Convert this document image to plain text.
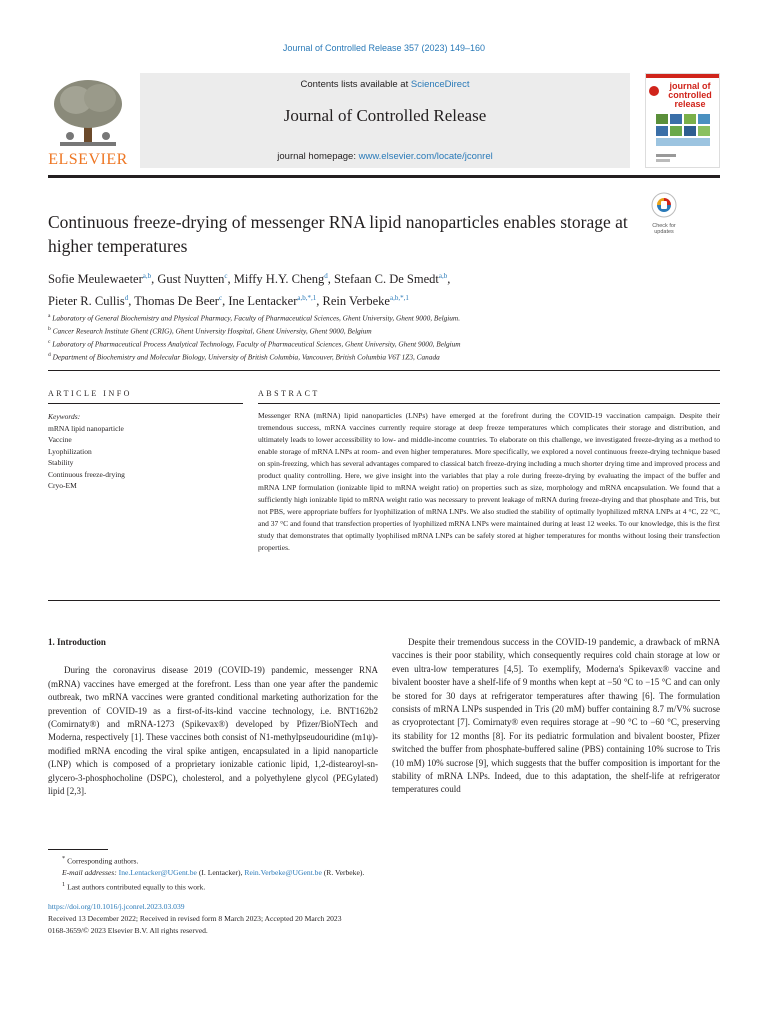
Journal of Controlled Release 357 (2023) 149–160
ELSEVIER
Contents lists available at ScienceDirect
Journal of Controlled Release
journal homepage: www.elsevier.com/locate/jconrel
journal of controlled release
Check for updates
Continuous freeze-drying of messenger RNA lipid nanoparticles enables storage at higher temperatures
Sofie Meulewaeter$^{a,b}$, Gust Nuytten$^c$, Miffy H.Y. Cheng$^d$, Stefaan C. De Smedt$^{a,b}$,
Pieter R. Cullis$^d$, Thomas De Beer$^c$, Ine Lentacker$^{a,b,*,1}$, Rein Verbeke$^{a,b,*,1}$
$^a$ Laboratory of General Biochemistry and Physical Pharmacy, Faculty of Pharmaceutical Sciences, Ghent University, Ghent 9000, Belgium.
$^b$ Cancer Research Institute Ghent (CRIG), Ghent University Hospital, Ghent University, Ghent 9000, Belgium
$^c$ Laboratory of Pharmaceutical Process Analytical Technology, Faculty of Pharmaceutical Sciences, Ghent University, Ghent 9000, Belgium
$^d$ Department of Biochemistry and Molecular Biology, University of British Columbia, Vancouver, British Columbia V6T 1Z3, Canada
ARTICLE INFO	ABSTRACT
Keywords:
mRNA lipid nanoparticle
Vaccine
Lyophilization
Stability
Continuous freeze-drying
Cryo-EM
Messenger RNA (mRNA) lipid nanoparticles (LNPs) have emerged at the forefront during the COVID-19 vaccination campaign. Despite their tremendous success, mRNA vaccines currently require storage at deep freeze temperatures which complicates their storage and distribution, and ultimately leads to lower accessibility to low- and middle-income countries. To elaborate on this challenge, we investigated freeze-drying as a method to enable storage of mRNA LNPs at room- and even higher temperatures. More specifically, we explored a novel continuous freeze-drying technique based on spin-freezing, which has several advantages compared to classical batch freeze-drying including a much shorter drying time and improved process and product quality controlling. Here, we give insight into the variables that play a role during freeze-drying by evaluating the impact of the buffer and mRNA LNP formulation (ionizable lipid to mRNA weight ratio) on properties such as size, morphology and mRNA encapsulation. We found that a sufficiently high ionizable lipid to mRNA weight ratio was necessary to prevent leakage of mRNA during freeze-drying and that phosphate and Tris, but not PBS, were appropriate buffers for lyophilization of mRNA LNPs. We also studied the stability of optimally lyophilized mRNA LNPs at 4 °C, 22 °C, and 37 °C and found that transfection properties of lyophilized mRNA LNPs were maintained during at least 12 weeks. To our knowledge, this is the first study that demonstrates that optimally lyophilised mRNA LNPs can be safely stored at higher temperatures for months without losing their transfection properties.
1. Introduction

During the coronavirus disease 2019 (COVID-19) pandemic, messenger RNA (mRNA) vaccines have emerged at the forefront. Less than one year after the pandemic outbreak, two mRNA vaccines were granted conditional marketing authorization for the prevention of COVID-19 as a first-of-its-kind vaccine technology, i.e. BNT162b2 (Comirnaty®) and mRNA-1273 (Spikevax®) developed by Pfizer/BioNTech and Moderna, respectively [1]. These vaccines both consist of N1-methylpseudouridine (m1ψ)-modified mRNA encoding the viral spike antigen, encapsulated in a lipid nanoparticle (LNP) which is composed of a proprietary ionizable cationic lipid, 1,2-distearoyl-sn-glycero-3-phosphocholine (DSPC), cholesterol, and a polyethylene glycol (PEGylated) lipid [2,3].

Despite their tremendous success in the COVID-19 pandemic, a drawback of mRNA vaccines is their poor stability, which consequently requires cold chain storage at low or even ultra-low temperatures [4,5]. To exemplify, Moderna's Spikevax® vaccine and bivalent booster have a shelf-life of 9 months when kept at −50 °C to −15 °C and can only be stored for 30 days at refrigerator temperatures after thawing [6]. The formulation consists of mRNA LNPs suspended in Tris (20 mM) buffer containing 8.7 m/V% sucrose as cryoprotectant [7]. Comirnaty® even requires storage at −90 °C to −60 °C, preserving its stability for 12 months [8]. For its pediatric formulation and bivalent booster, Pfizer switched the buffer from phosphate-buffered saline (PBS) containing 10% sucrose to Tris (10 mM) 10% sucrose [9], which suggests that the buffer composition is important for the stability of mRNA LNPs. Indeed, due to this adaptation, the shelf-life at refrigerator temperatures could

* Corresponding authors.
E-mail addresses: Ine.Lentacker@UGent.be (I. Lentacker), Rein.Verbeke@UGent.be (R. Verbeke).
$^1$ Last authors contributed equally to this work.
https://doi.org/10.1016/j.jconrel.2023.03.039
Received 13 December 2022; Received in revised form 8 March 2023; Accepted 20 March 2023
0168-3659/© 2023 Elsevier B.V. All rights reserved.
